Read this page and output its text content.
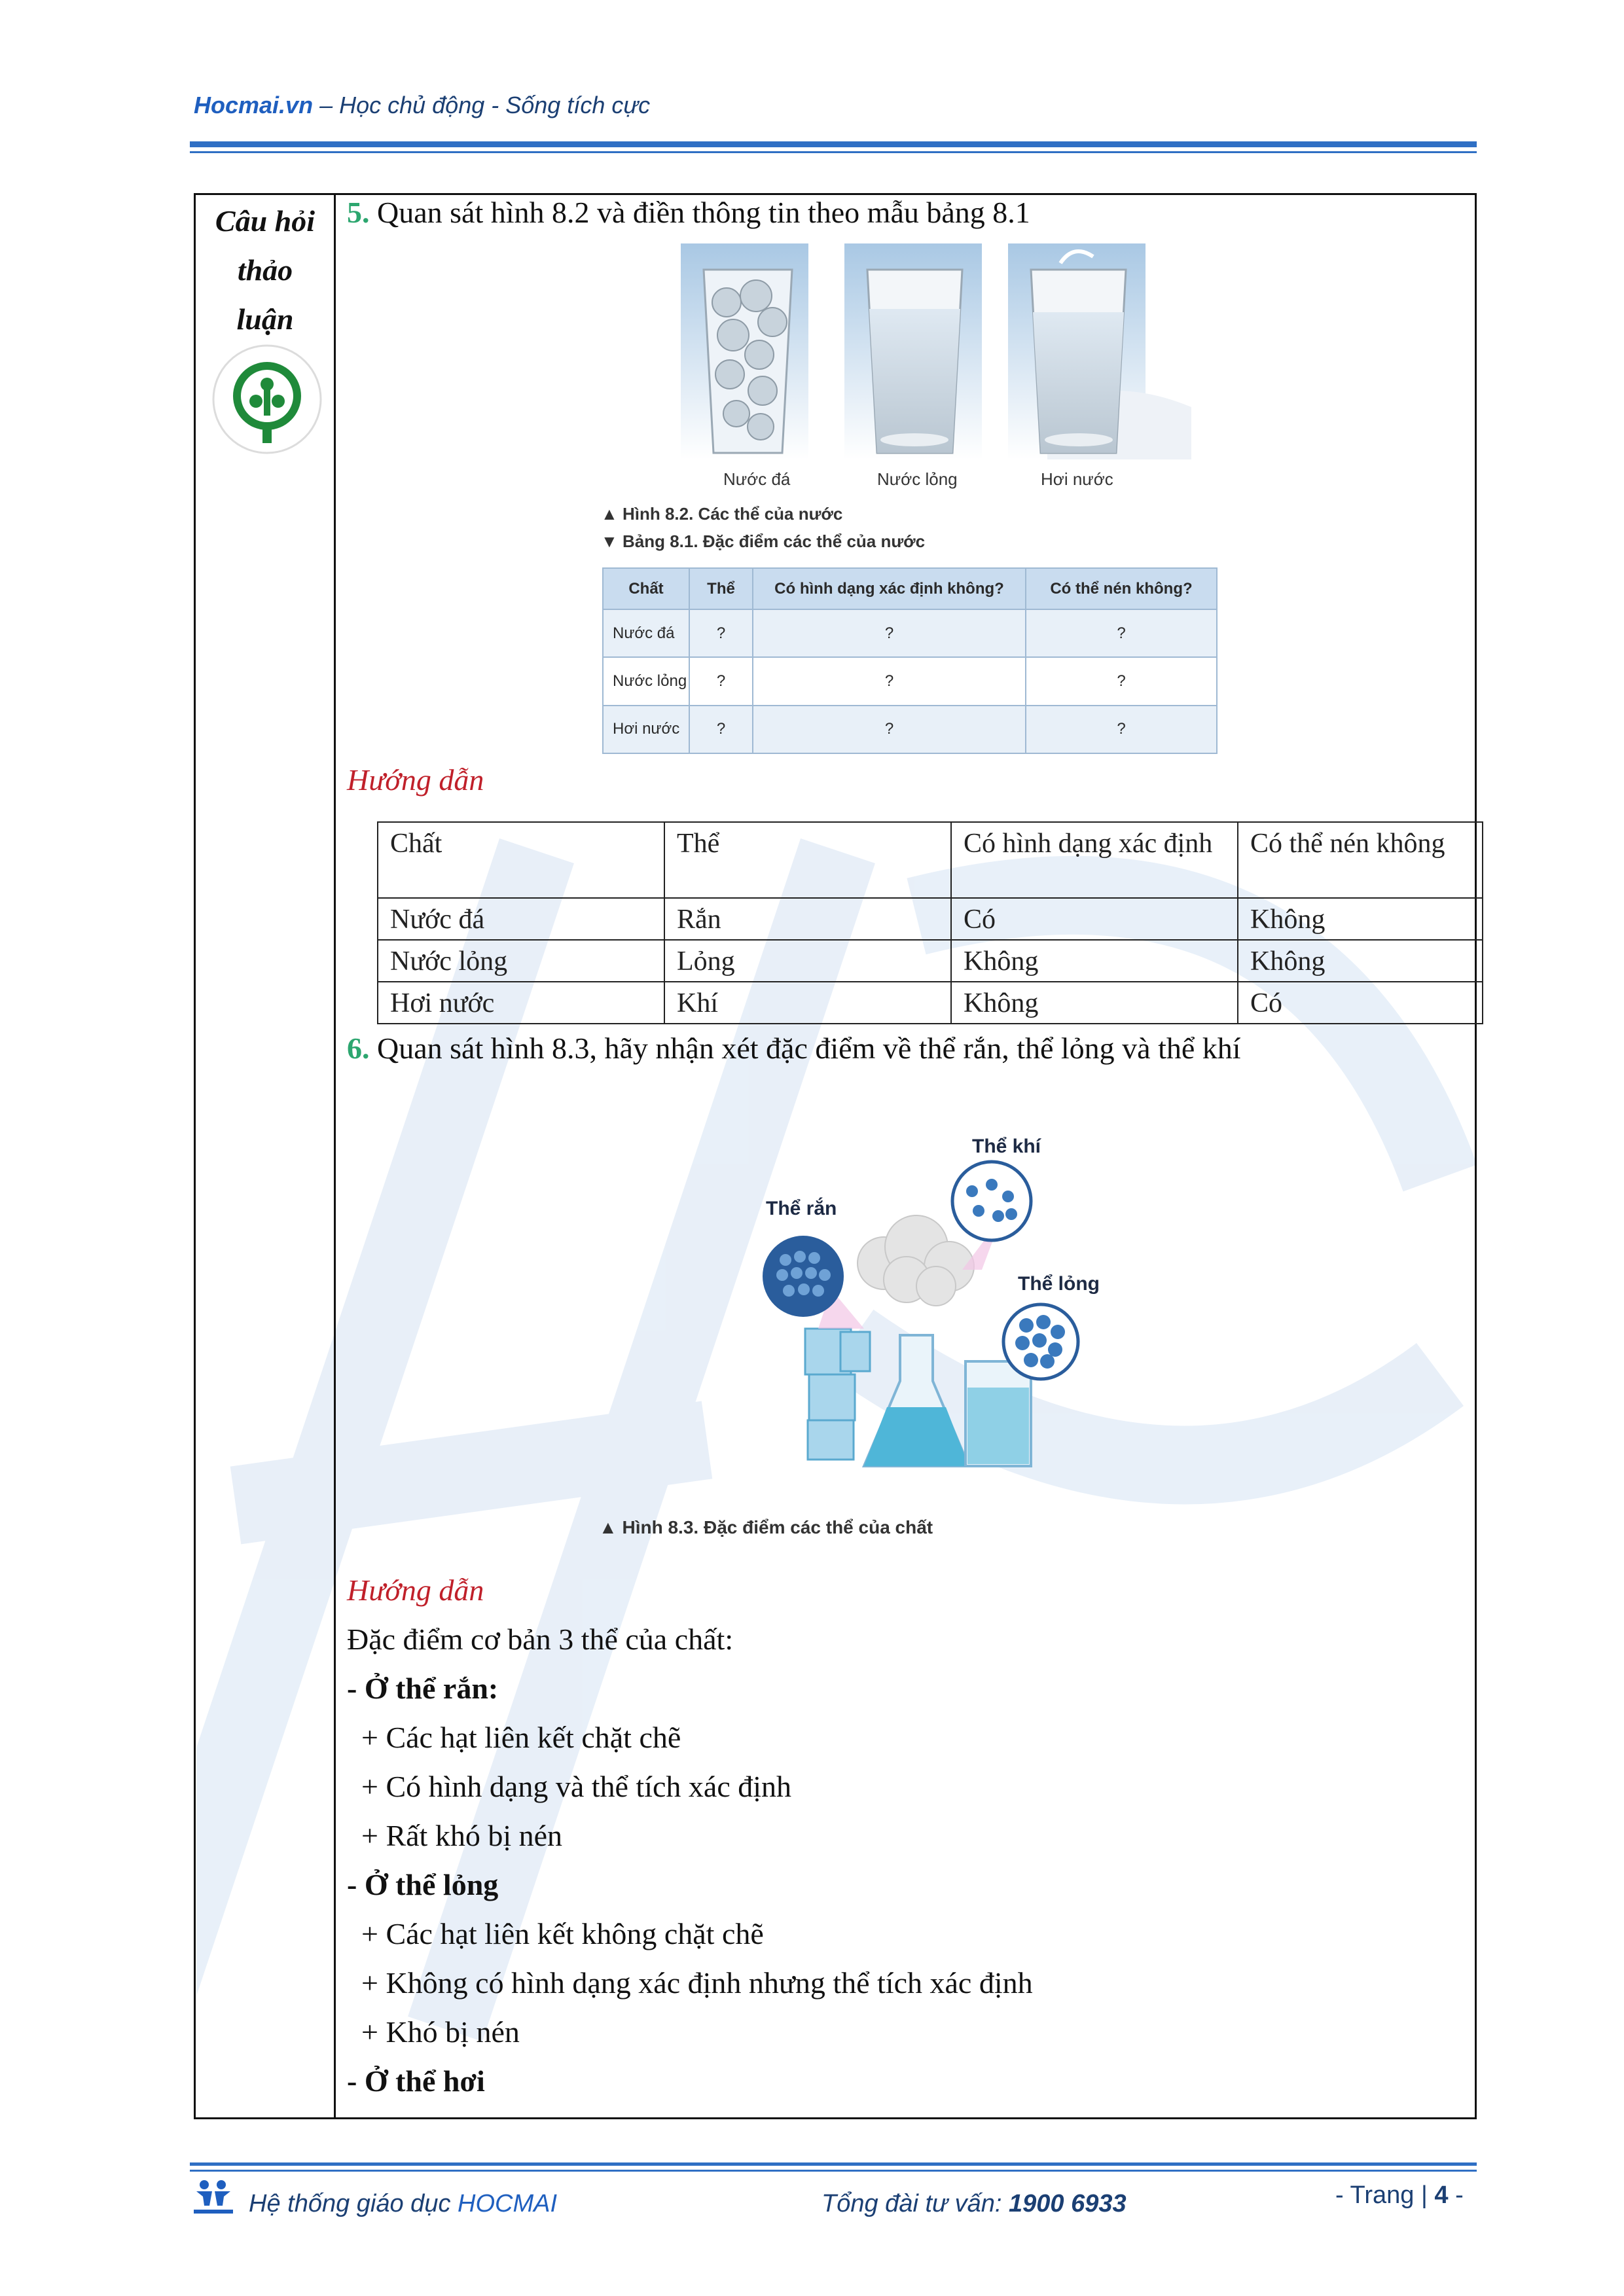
Hocmai.vn – Học chủ động - Sống tích cực
Câu hỏi
thảo
luận
5. Quan sát hình 8.2 và điền thông tin theo mẫu bảng 8.1
Nước đá	Nước lỏng	Hơi nước
▲ Hình 8.2. Các thể của nước
▼ Bảng 8.1. Đặc điểm các thể của nước
Chất	Thể	Có hình dạng xác định không?	Có thể nén không?
Nước đá	?	?	?
Nước lỏng	?	?	?
Hơi nước	?	?	?
Hướng dẫn
Chất	Thể	Có hình dạng xác định	Có thể nén không
Nước đá	Rắn	Có	Không
Nước lỏng	Lỏng	Không	Không
Hơi nước	Khí	Không	Có
6. Quan sát hình 8.3, hãy nhận xét đặc điểm về thể rắn, thể lỏng và thể khí
Thể rắn
Thể khí
Thể lỏng
▲ Hình 8.3. Đặc điểm các thể của chất
Hướng dẫn
Đặc điểm cơ bản 3 thể của chất:
- Ở thể rắn:
+ Các hạt liên kết chặt chẽ
+ Có hình dạng và thể tích xác định
+ Rất khó bị nén
- Ở thể lỏng
+ Các hạt liên kết không chặt chẽ
+ Không có hình dạng xác định nhưng thể tích xác định
+ Khó bị nén
- Ở thể hơi
Hệ thống giáo dục HOCMAI	Tổng đài tư vấn: 1900 6933	- Trang | 4 -
